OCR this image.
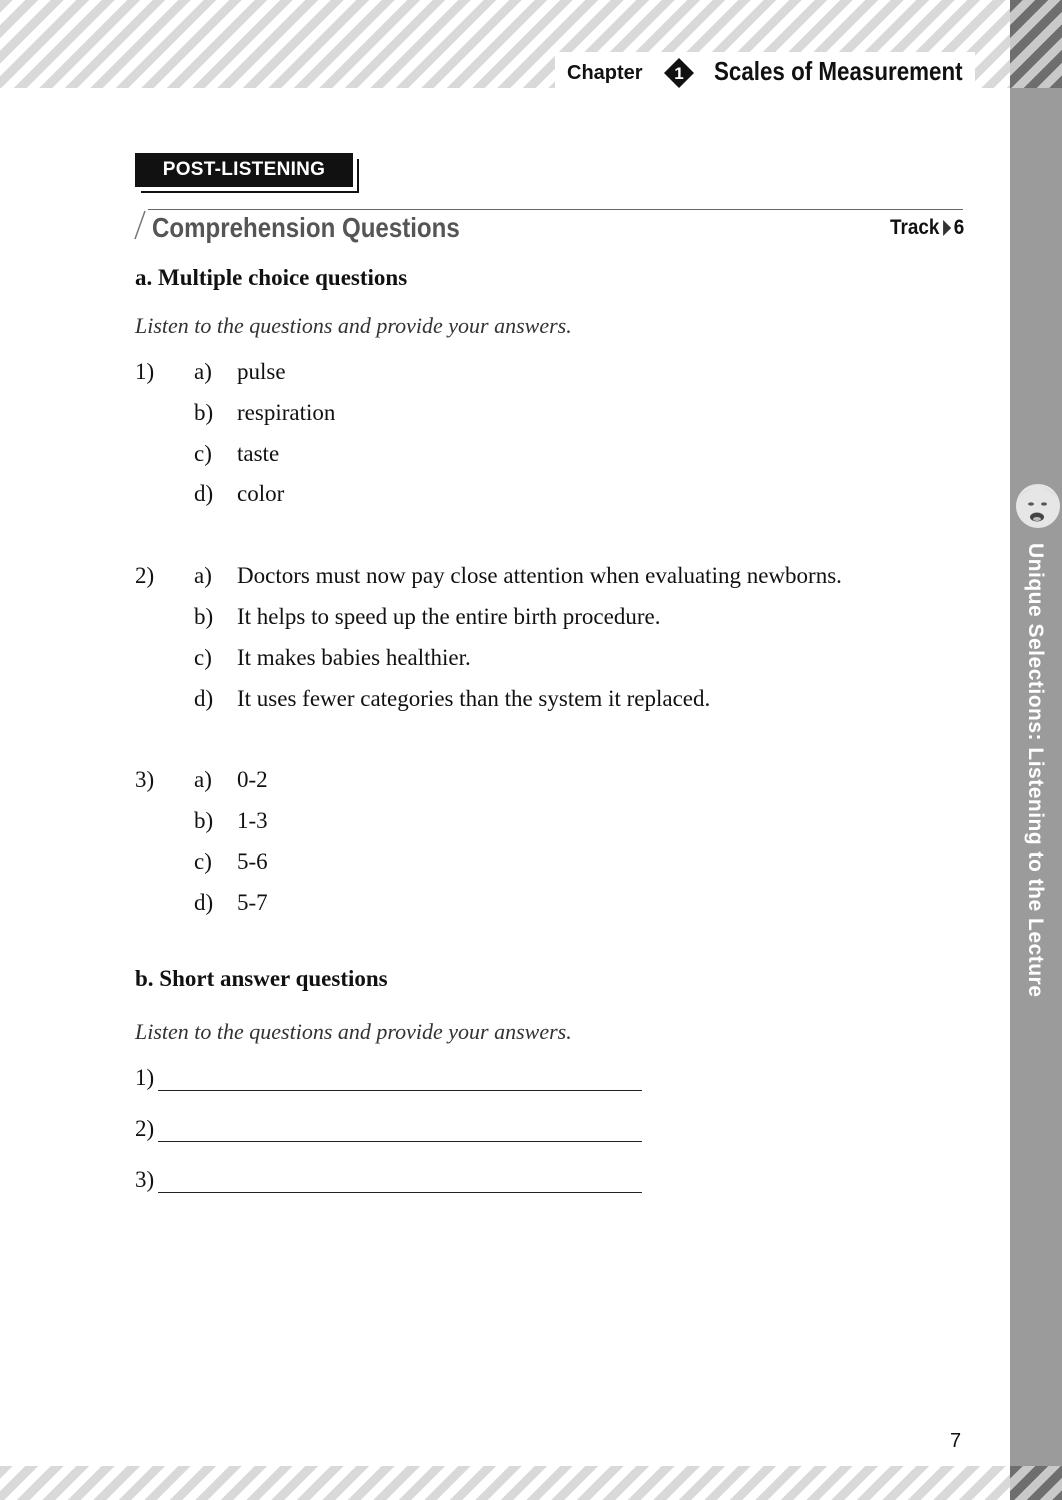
Chapter 1 Scales of Measurement
POST-LISTENING
Comprehension Questions	Track 6
a. Multiple choice questions
Listen to the questions and provide your answers.
1) a) pulse
b) respiration
c) taste
d) color
2) a) Doctors must now pay close attention when evaluating newborns.
b) It helps to speed up the entire birth procedure.
c) It makes babies healthier.
d) It uses fewer categories than the system it replaced.
3) a) 0-2
b) 1-3
c) 5-6
d) 5-7
b. Short answer questions
Listen to the questions and provide your answers.
1)
2)
3)
Unique Selections: Listening to the Lecture
7
